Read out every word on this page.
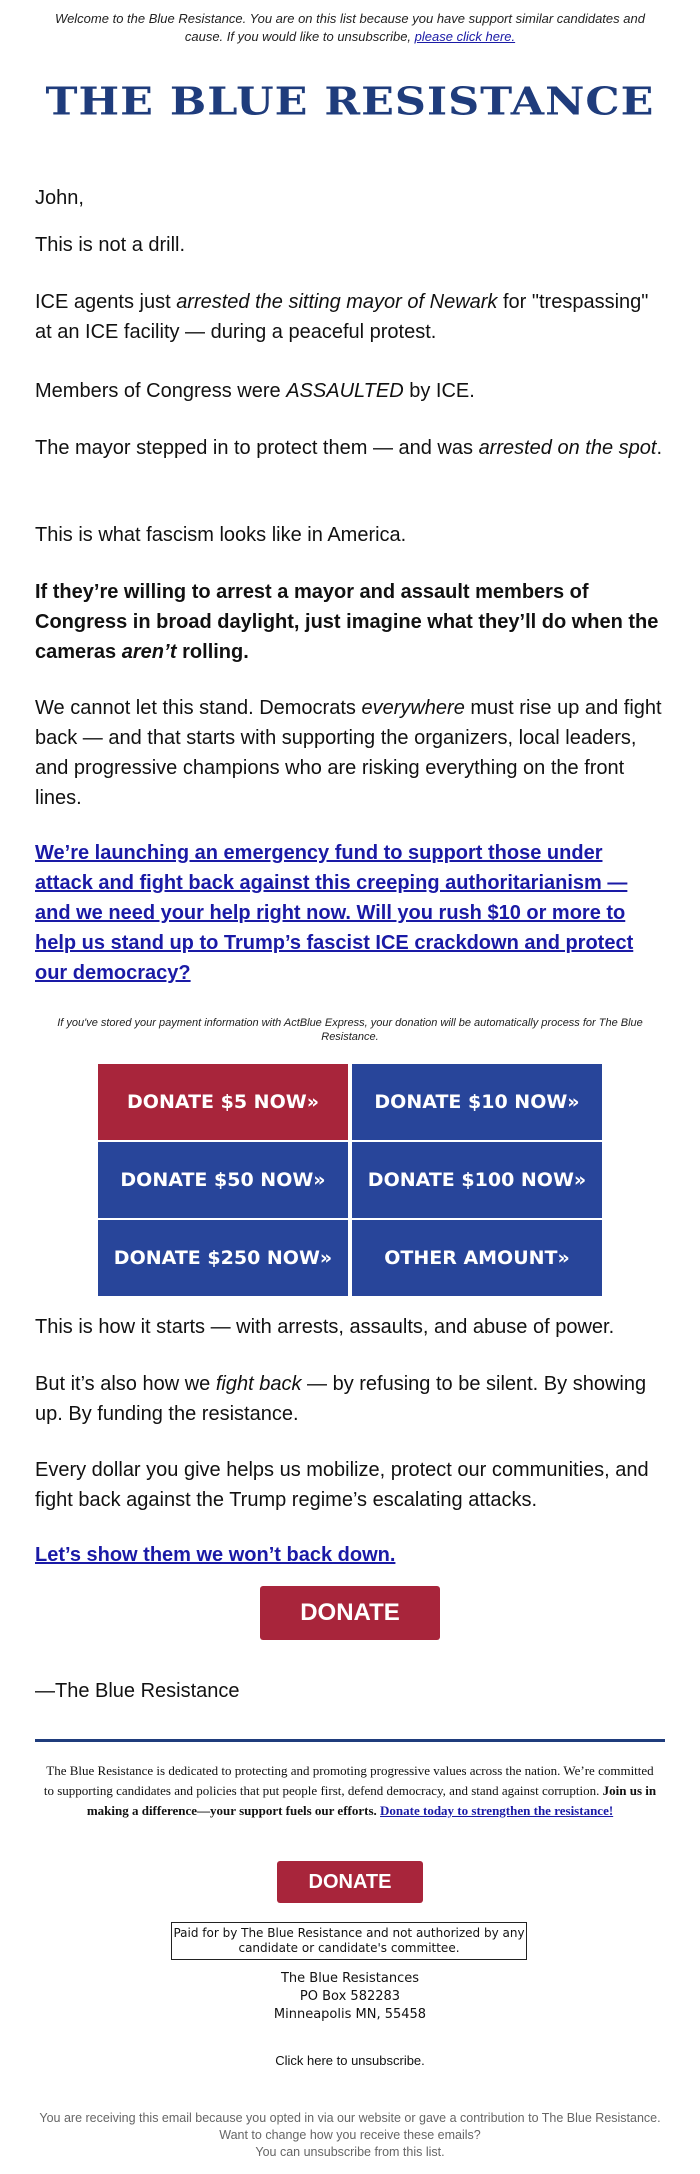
Welcome to the Blue Resistance. You are on this list because you have support similar candidates and cause. If you would like to unsubscribe, please click here.
THE BLUE RESISTANCE

John,

This is not a drill.

ICE agents just arrested the sitting mayor of Newark for "trespassing" at an ICE facility — during a peaceful protest.

Members of Congress were ASSAULTED by ICE.

The mayor stepped in to protect them — and was arrested on the spot.

This is what fascism looks like in America.

If they’re willing to arrest a mayor and assault members of Congress in broad daylight, just imagine what they’ll do when the cameras aren’t rolling.

We cannot let this stand. Democrats everywhere must rise up and fight back — and that starts with supporting the organizers, local leaders, and progressive champions who are risking everything on the front lines.

We’re launching an emergency fund to support those under attack and fight back against this creeping authoritarianism — and we need your help right now. Will you rush $10 or more to help us stand up to Trump’s fascist ICE crackdown and protect our democracy?

If you've stored your payment information with ActBlue Express, your donation will be automatically process for The Blue Resistance.
DONATE $5 NOW»	DONATE $10 NOW»
DONATE $50 NOW»	DONATE $100 NOW»
DONATE $250 NOW»	OTHER AMOUNT»

This is how it starts — with arrests, assaults, and abuse of power.

But it’s also how we fight back — by refusing to be silent. By showing up. By funding the resistance.

Every dollar you give helps us mobilize, protect our communities, and fight back against the Trump regime’s escalating attacks.

Let’s show them we won’t back down.

DONATE

—The Blue Resistance

The Blue Resistance is dedicated to protecting and promoting progressive values across the nation. We’re committed to supporting candidates and policies that put people first, defend democracy, and stand against corruption. Join us in making a difference—your support fuels our efforts. Donate today to strengthen the resistance!
DONATE
Paid for by The Blue Resistance and not authorized by any candidate or candidate's committee.
The Blue Resistances
PO Box 582283
Minneapolis MN, 55458
Click here to unsubscribe.
You are receiving this email because you opted in via our website or gave a contribution to The Blue Resistance. Want to change how you receive these emails?
You can unsubscribe from this list.
